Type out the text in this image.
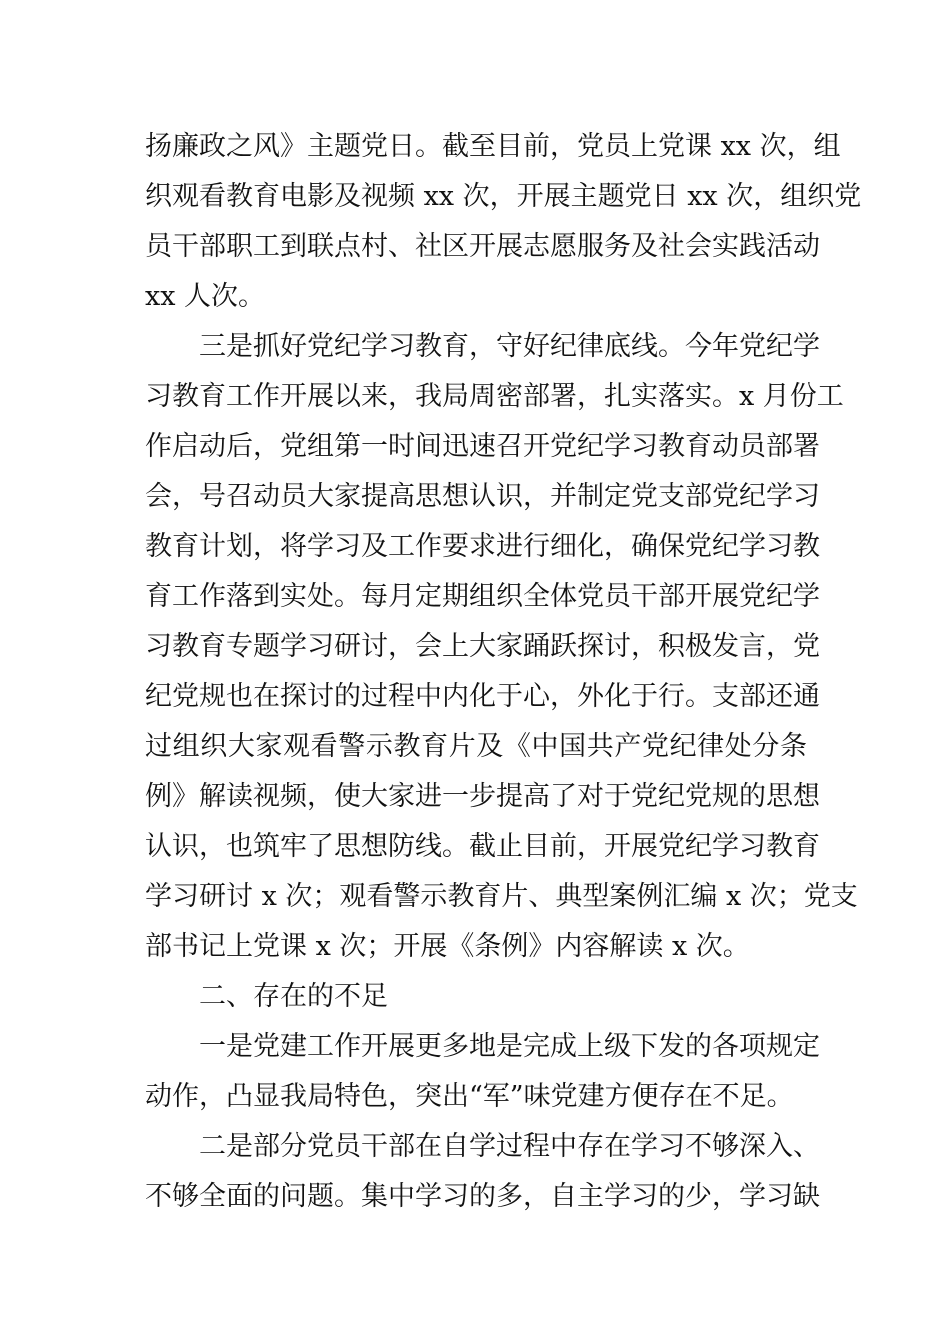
扬廉政之风》主题党日。截至目前，党员上党课 xx 次，组
织观看教育电影及视频 xx 次，开展主题党日 xx 次，组织党
员干部职工到联点村、社区开展志愿服务及社会实践活动
xx 人次。
三是抓好党纪学习教育，守好纪律底线。今年党纪学
习教育工作开展以来，我局周密部署，扎实落实。x 月份工
作启动后，党组第一时间迅速召开党纪学习教育动员部署
会，号召动员大家提高思想认识，并制定党支部党纪学习
教育计划，将学习及工作要求进行细化，确保党纪学习教
育工作落到实处。每月定期组织全体党员干部开展党纪学
习教育专题学习研讨，会上大家踊跃探讨，积极发言，党
纪党规也在探讨的过程中内化于心，外化于行。支部还通
过组织大家观看警示教育片及《中国共产党纪律处分条
例》解读视频，使大家进一步提高了对于党纪党规的思想
认识，也筑牢了思想防线。截止目前，开展党纪学习教育
学习研讨 x 次；观看警示教育片、典型案例汇编 x 次；党支
部书记上党课 x 次；开展《条例》内容解读 x 次。
二、存在的不足
一是党建工作开展更多地是完成上级下发的各项规定
动作，凸显我局特色，突出“军”味党建方便存在不足。
二是部分党员干部在自学过程中存在学习不够深入、
不够全面的问题。集中学习的多，自主学习的少，学习缺
